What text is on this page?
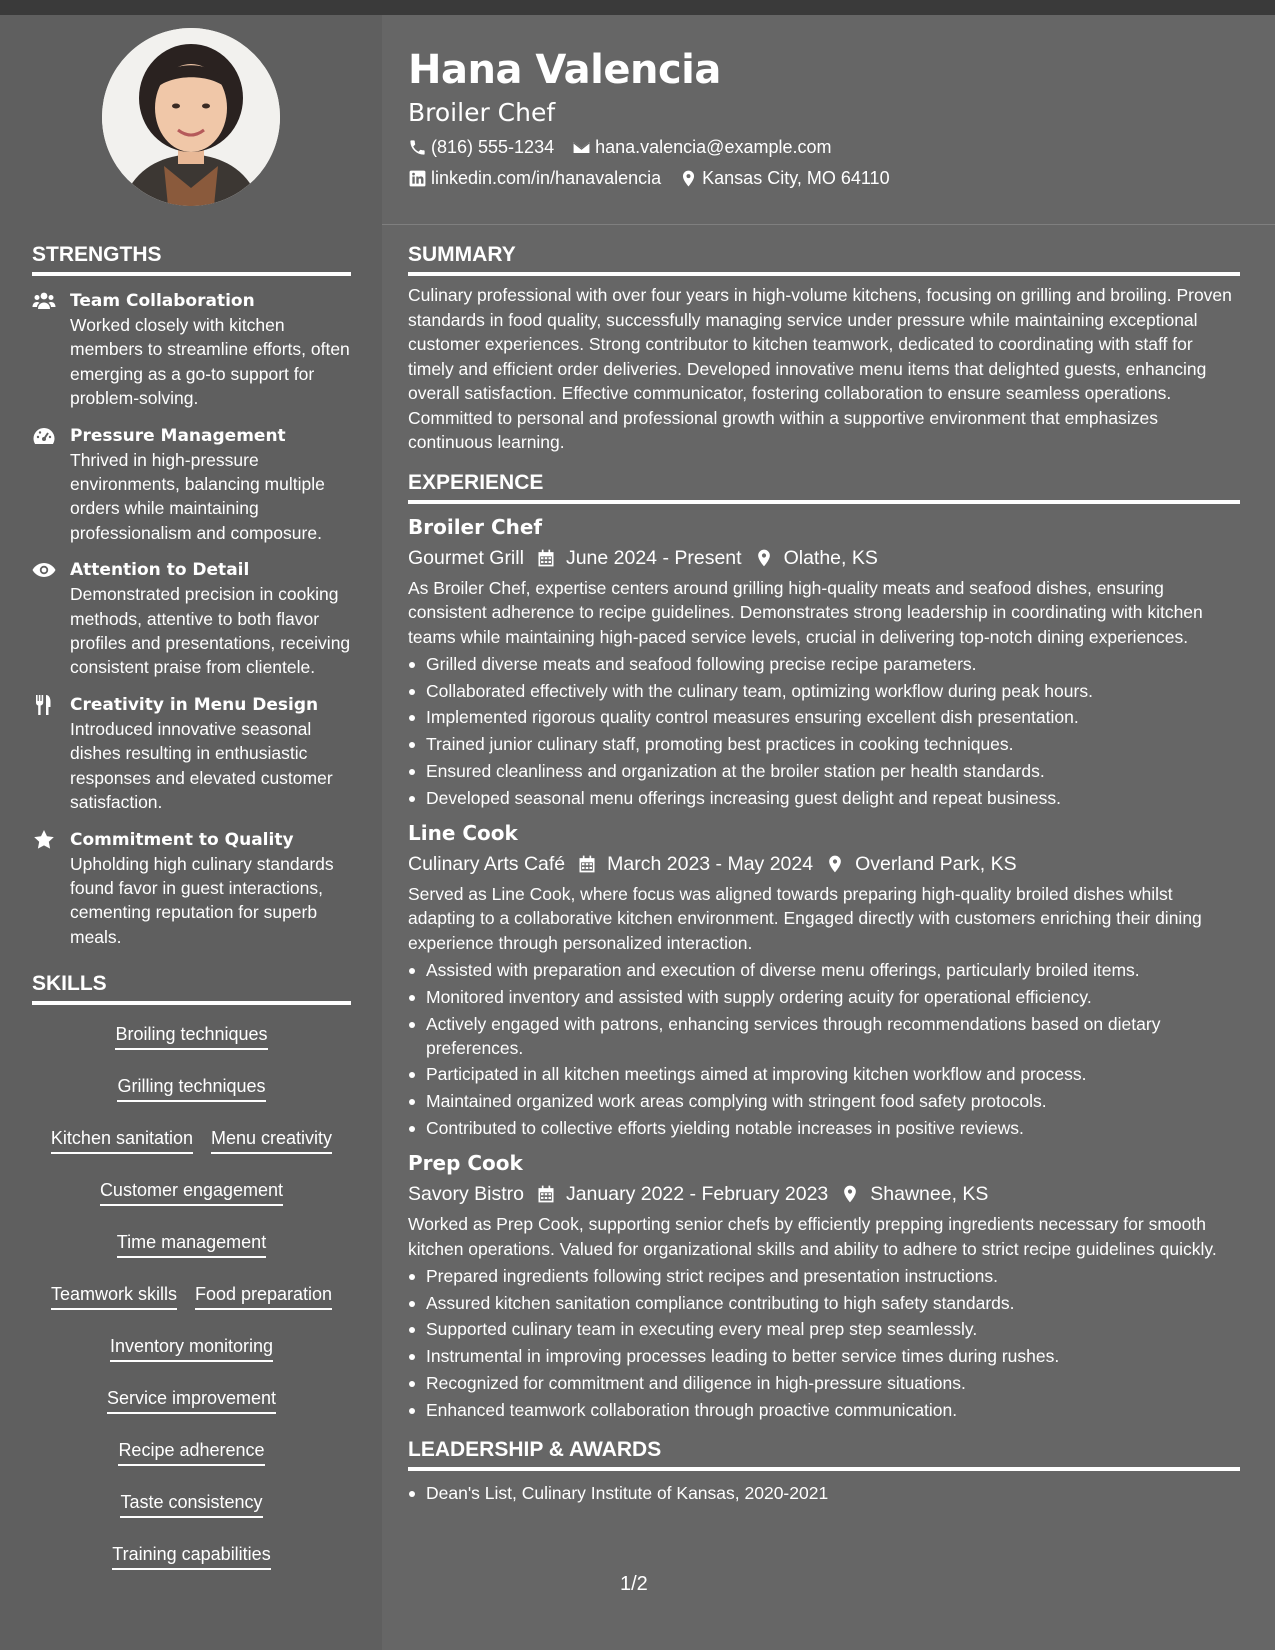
Hana Valencia
Broiler Chef
(816) 555-1234 hana.valencia@example.com
linkedin.com/in/hanavalencia Kansas City, MO 64110
STRENGTHS
Team Collaboration
Worked closely with kitchen members to streamline efforts, often emerging as a go-to support for problem-solving.
Pressure Management
Thrived in high-pressure environments, balancing multiple orders while maintaining professionalism and composure.
Attention to Detail
Demonstrated precision in cooking methods, attentive to both flavor profiles and presentations, receiving consistent praise from clientele.
Creativity in Menu Design
Introduced innovative seasonal dishes resulting in enthusiastic responses and elevated customer satisfaction.
Commitment to Quality
Upholding high culinary standards found favor in guest interactions, cementing reputation for superb meals.
SKILLS
Broiling techniques
Grilling techniques
Kitchen sanitation Menu creativity
Customer engagement
Time management
Teamwork skills Food preparation
Inventory monitoring
Service improvement
Recipe adherence
Taste consistency
Training capabilities
SUMMARY
Culinary professional with over four years in high-volume kitchens, focusing on grilling and broiling. Proven standards in food quality, successfully managing service under pressure while maintaining exceptional customer experiences. Strong contributor to kitchen teamwork, dedicated to coordinating with staff for timely and efficient order deliveries. Developed innovative menu items that delighted guests, enhancing overall satisfaction. Effective communicator, fostering collaboration to ensure seamless operations. Committed to personal and professional growth within a supportive environment that emphasizes continuous learning.
EXPERIENCE
Broiler Chef
Gourmet Grill June 2024 - Present Olathe, KS
As Broiler Chef, expertise centers around grilling high-quality meats and seafood dishes, ensuring consistent adherence to recipe guidelines. Demonstrates strong leadership in coordinating with kitchen teams while maintaining high-paced service levels, crucial in delivering top-notch dining experiences.
Grilled diverse meats and seafood following precise recipe parameters.
Collaborated effectively with the culinary team, optimizing workflow during peak hours.
Implemented rigorous quality control measures ensuring excellent dish presentation.
Trained junior culinary staff, promoting best practices in cooking techniques.
Ensured cleanliness and organization at the broiler station per health standards.
Developed seasonal menu offerings increasing guest delight and repeat business.
Line Cook
Culinary Arts Café March 2023 - May 2024 Overland Park, KS
Served as Line Cook, where focus was aligned towards preparing high-quality broiled dishes whilst adapting to a collaborative kitchen environment. Engaged directly with customers enriching their dining experience through personalized interaction.
Assisted with preparation and execution of diverse menu offerings, particularly broiled items.
Monitored inventory and assisted with supply ordering acuity for operational efficiency.
Actively engaged with patrons, enhancing services through recommendations based on dietary preferences.
Participated in all kitchen meetings aimed at improving kitchen workflow and process.
Maintained organized work areas complying with stringent food safety protocols.
Contributed to collective efforts yielding notable increases in positive reviews.
Prep Cook
Savory Bistro January 2022 - February 2023 Shawnee, KS
Worked as Prep Cook, supporting senior chefs by efficiently prepping ingredients necessary for smooth kitchen operations. Valued for organizational skills and ability to adhere to strict recipe guidelines quickly.
Prepared ingredients following strict recipes and presentation instructions.
Assured kitchen sanitation compliance contributing to high safety standards.
Supported culinary team in executing every meal prep step seamlessly.
Instrumental in improving processes leading to better service times during rushes.
Recognized for commitment and diligence in high-pressure situations.
Enhanced teamwork collaboration through proactive communication.
LEADERSHIP & AWARDS
Dean's List, Culinary Institute of Kansas, 2020-2021
1/2
